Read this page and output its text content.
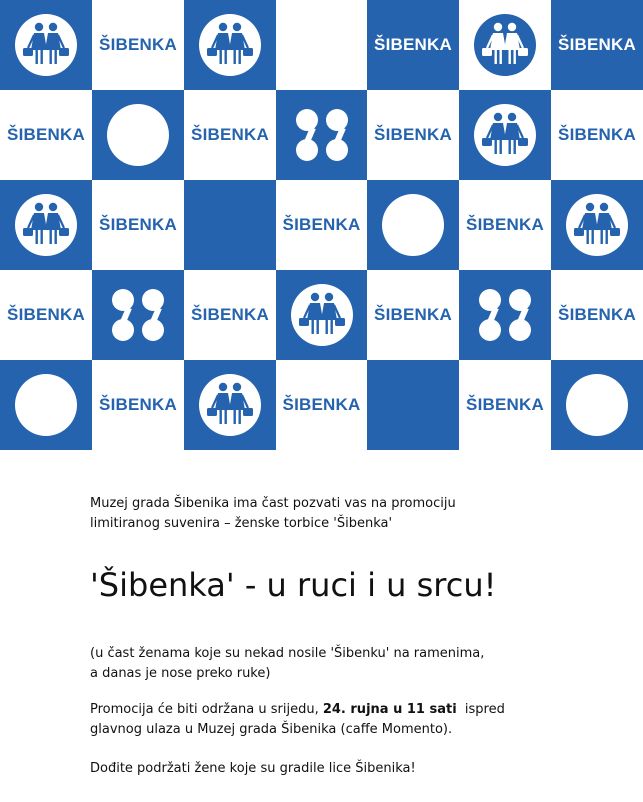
ŠIBENKA	ŠIBENKA	ŠIBENKA
ŠIBENKA	ŠIBENKA	ŠIBENKA	ŠIBENKA
ŠIBENKA	ŠIBENKA	ŠIBENKA
ŠIBENKA	ŠIBENKA	ŠIBENKA	ŠIBENKA
ŠIBENKA	ŠIBENKA	ŠIBENKA

Muzej grada Šibenika ima čast pozvati vas na promociju

limitiranog suvenira – ženske torbice 'Šibenka'

'Šibenka' - u ruci i u srcu!

(u čast ženama koje su nekad nosile 'Šibenku' na ramenima,

a danas je nose preko ruke)

Promocija će biti održana u srijedu, 24. rujna u 11 sati  ispred

glavnog ulaza u Muzej grada Šibenika (caffe Momento).

Dođite podržati žene koje su gradile lice Šibenika!
